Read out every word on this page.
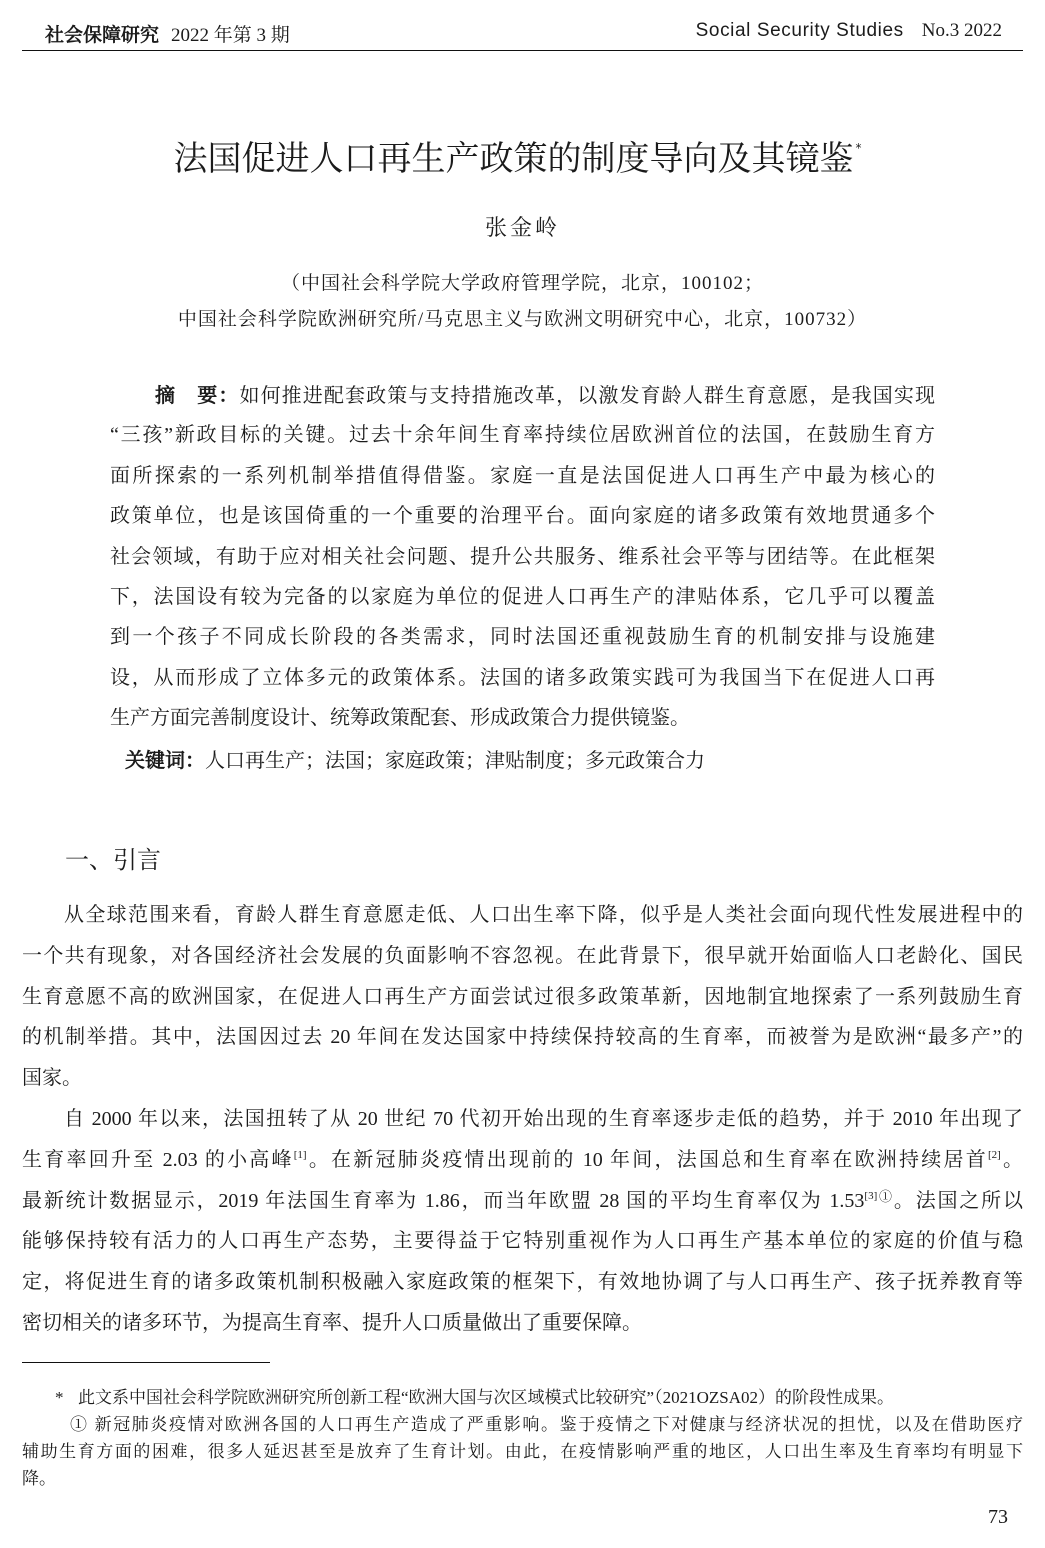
社会保障研究 2022 年第 3 期	Social Security Studies No.3 2022
法国促进人口再生产政策的制度导向及其镜鉴 *
张金岭
（中国社会科学院大学政府管理学院，北京，100102；
中国社会科学院欧洲研究所/马克思主义与欧洲文明研究中心，北京，100732）
摘　要：如何推进配套政策与支持措施改革，以激发育龄人群生育意愿，是我国实现
“三孩”新政目标的关键。过去十余年间生育率持续位居欧洲首位的法国，在鼓励生育方
面所探索的一系列机制举措值得借鉴。家庭一直是法国促进人口再生产中最为核心的
政策单位，也是该国倚重的一个重要的治理平台。面向家庭的诸多政策有效地贯通多个
社会领域，有助于应对相关社会问题、提升公共服务、维系社会平等与团结等。在此框架
下，法国设有较为完备的以家庭为单位的促进人口再生产的津贴体系，它几乎可以覆盖
到一个孩子不同成长阶段的各类需求，同时法国还重视鼓励生育的机制安排与设施建
设，从而形成了立体多元的政策体系。法国的诸多政策实践可为我国当下在促进人口再
生产方面完善制度设计、统筹政策配套、形成政策合力提供镜鉴。
关键词：人口再生产；法国；家庭政策；津贴制度；多元政策合力
一、引言
从全球范围来看，育龄人群生育意愿走低、人口出生率下降，似乎是人类社会面向现代性发展进程中的
一个共有现象，对各国经济社会发展的负面影响不容忽视。在此背景下，很早就开始面临人口老龄化、国民
生育意愿不高的欧洲国家，在促进人口再生产方面尝试过很多政策革新，因地制宜地探索了一系列鼓励生育
的机制举措。其中，法国因过去 20 年间在发达国家中持续保持较高的生育率，而被誉为是欧洲“最多产”的
国家。
自 2000 年以来，法国扭转了从 20 世纪 70 代初开始出现的生育率逐步走低的趋势，并于 2010 年出现了
生育率回升至 2.03 的小高峰[1]。在新冠肺炎疫情出现前的 10 年间，法国总和生育率在欧洲持续居首[2]。
最新统计数据显示，2019 年法国生育率为 1.86，而当年欧盟 28 国的平均生育率仅为 1.53$^{[3]①}$。法国之所以
能够保持较有活力的人口再生产态势，主要得益于它特别重视作为人口再生产基本单位的家庭的价值与稳
定，将促进生育的诸多政策机制积极融入家庭政策的框架下，有效地协调了与人口再生产、孩子抚养教育等
密切相关的诸多环节，为提高生育率、提升人口质量做出了重要保障。
* 此文系中国社会科学院欧洲研究所创新工程“欧洲大国与次区域模式比较研究”（2021OZSA02）的阶段性成果。
① 新冠肺炎疫情对欧洲各国的人口再生产造成了严重影响。鉴于疫情之下对健康与经济状况的担忧，以及在借助医疗
辅助生育方面的困难，很多人延迟甚至是放弃了生育计划。由此，在疫情影响严重的地区，人口出生率及生育率均有明显下
降。
73
